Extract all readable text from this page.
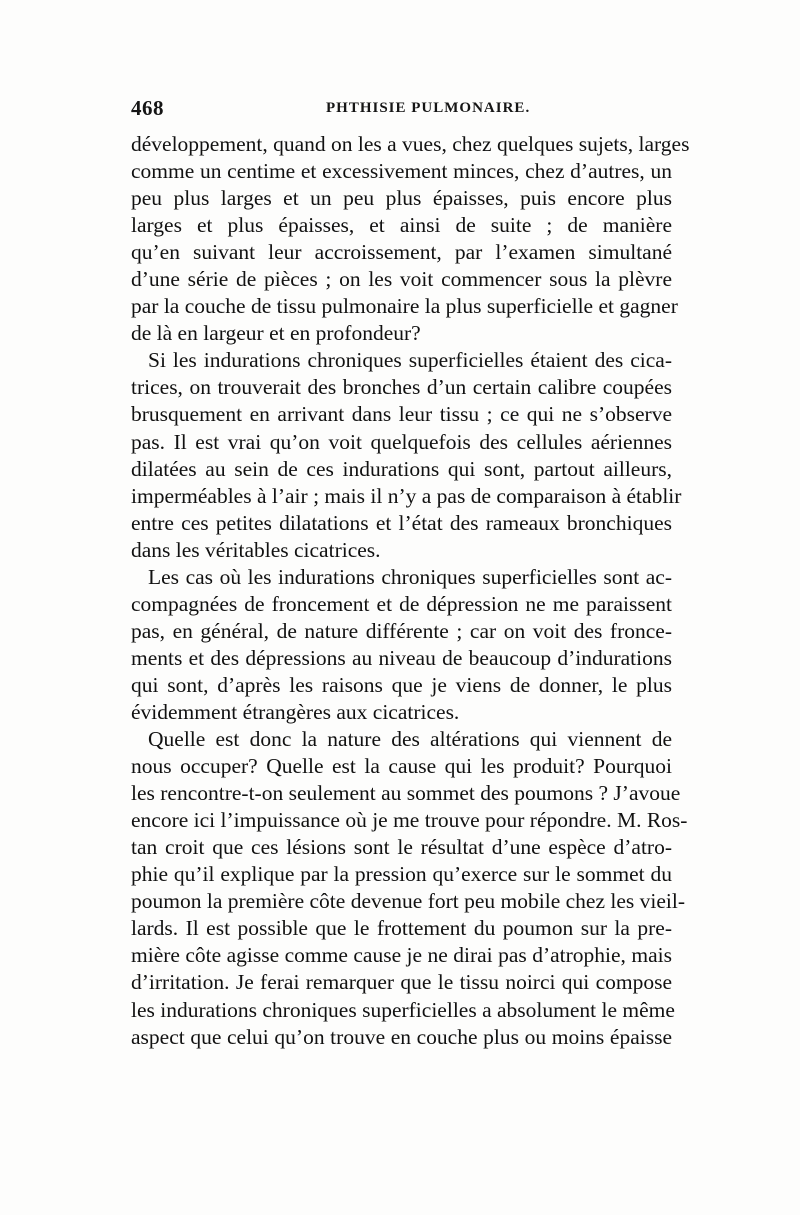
468	PHTHISIE PULMONAIRE.
développement, quand on les a vues, chez quelques sujets, larges
comme un centime et excessivement minces, chez d’autres, un
peu plus larges et un peu plus épaisses, puis encore plus
larges et plus épaisses, et ainsi de suite ; de manière
qu’en suivant leur accroissement, par l’examen simultané
d’une série de pièces ; on les voit commencer sous la plèvre
par la couche de tissu pulmonaire la plus superficielle et gagner
de là en largeur et en profondeur?
Si les indurations chroniques superficielles étaient des cica-
trices, on trouverait des bronches d’un certain calibre coupées
brusquement en arrivant dans leur tissu ; ce qui ne s’observe
pas. Il est vrai qu’on voit quelquefois des cellules aériennes
dilatées au sein de ces indurations qui sont, partout ailleurs,
imperméables à l’air ; mais il n’y a pas de comparaison à établir
entre ces petites dilatations et l’état des rameaux bronchiques
dans les véritables cicatrices.
Les cas où les indurations chroniques superficielles sont ac-
compagnées de froncement et de dépression ne me paraissent
pas, en général, de nature différente ; car on voit des fronce-
ments et des dépressions au niveau de beaucoup d’indurations
qui sont, d’après les raisons que je viens de donner, le plus
évidemment étrangères aux cicatrices.
Quelle est donc la nature des altérations qui viennent de
nous occuper? Quelle est la cause qui les produit? Pourquoi
les rencontre-t-on seulement au sommet des poumons ? J’avoue
encore ici l’impuissance où je me trouve pour répondre. M. Ros-
tan croit que ces lésions sont le résultat d’une espèce d’atro-
phie qu’il explique par la pression qu’exerce sur le sommet du
poumon la première côte devenue fort peu mobile chez les vieil-
lards. Il est possible que le frottement du poumon sur la pre-
mière côte agisse comme cause je ne dirai pas d’atrophie, mais
d’irritation. Je ferai remarquer que le tissu noirci qui compose
les indurations chroniques superficielles a absolument le même
aspect que celui qu’on trouve en couche plus ou moins épaisse
